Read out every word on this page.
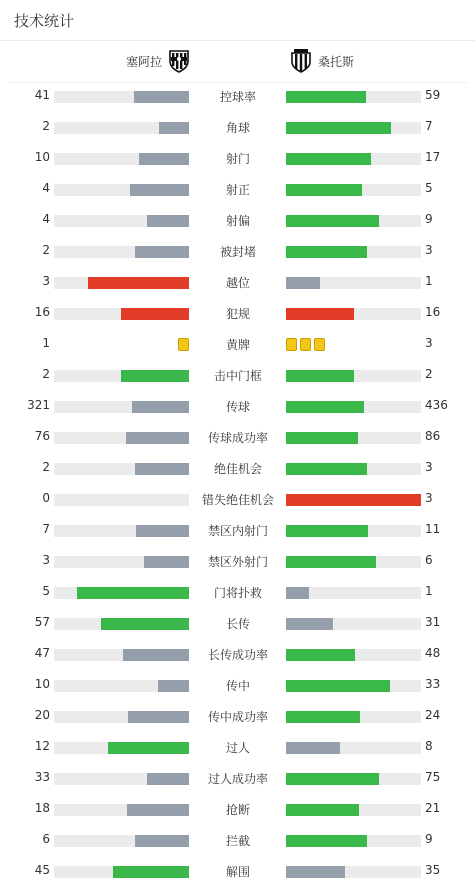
技术统计
塞阿拉	桑托斯
41	控球率	59
2	角球	7
10	射门	17
4	射正	5
4	射偏	9
2	被封堵	3
3	越位	1
16	犯规	16
1	黄牌	3
2	击中门框	2
321	传球	436
76	传球成功率	86
2	绝佳机会	3
0	错失绝佳机会	3
7	禁区内射门	11
3	禁区外射门	6
5	门将扑救	1
57	长传	31
47	长传成功率	48
10	传中	33
20	传中成功率	24
12	过人	8
33	过人成功率	75
18	抢断	21
6	拦截	9
45	解围	35
